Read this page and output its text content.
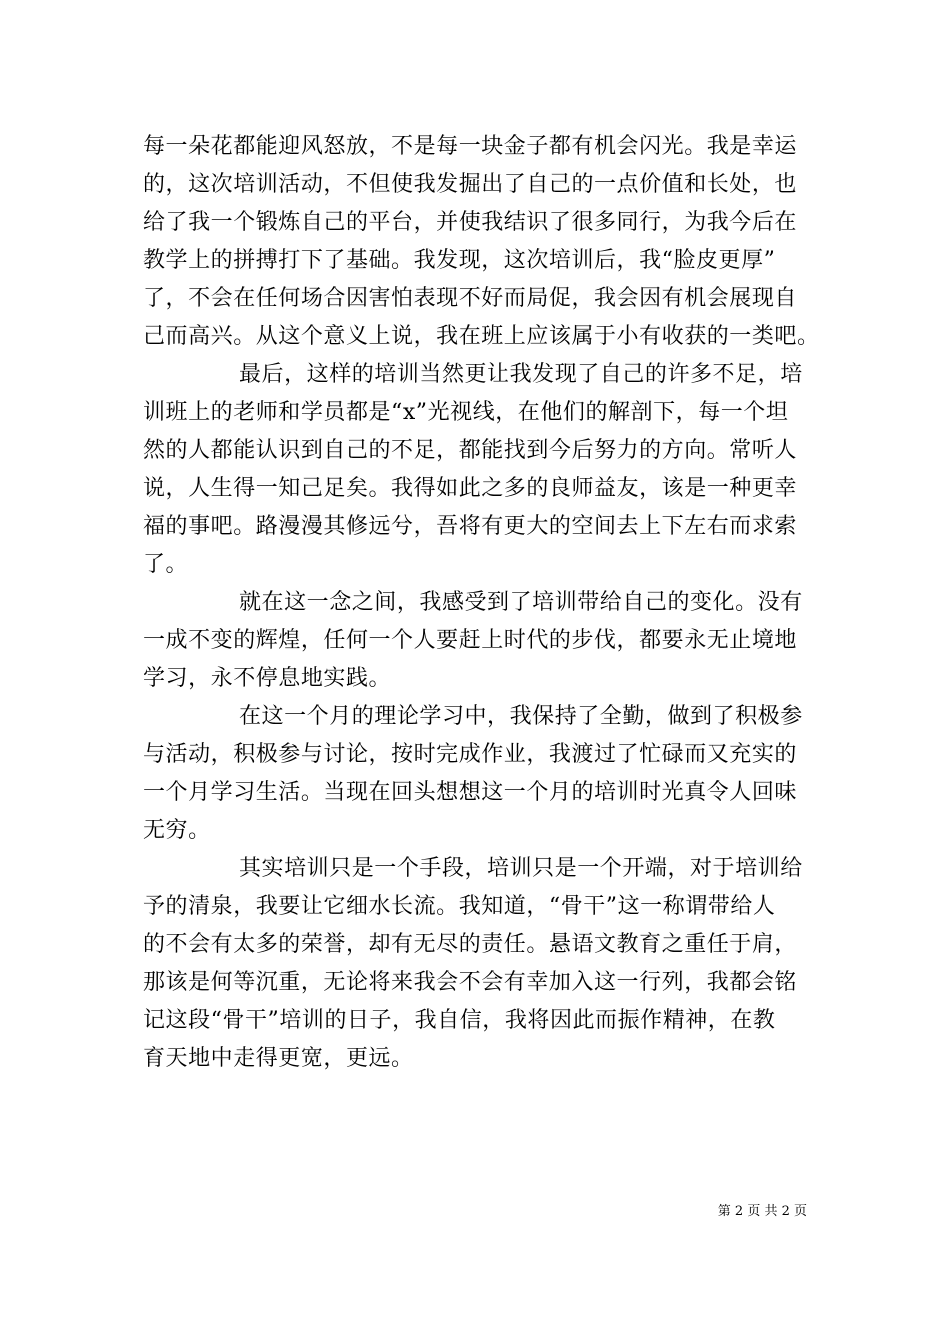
每一朵花都能迎风怒放，不是每一块金子都有机会闪光。我是幸运
的，这次培训活动，不但使我发掘出了自己的一点价值和长处，也
给了我一个锻炼自己的平台，并使我结识了很多同行，为我今后在
教学上的拼搏打下了基础。我发现，这次培训后，我“脸皮更厚”
了，不会在任何场合因害怕表现不好而局促，我会因有机会展现自
己而高兴。从这个意义上说，我在班上应该属于小有收获的一类吧。
最后，这样的培训当然更让我发现了自己的许多不足，培
训班上的老师和学员都是“x”光视线，在他们的解剖下，每一个坦
然的人都能认识到自己的不足，都能找到今后努力的方向。常听人
说，人生得一知己足矣。我得如此之多的良师益友，该是一种更幸
福的事吧。路漫漫其修远兮，吾将有更大的空间去上下左右而求索
了。
就在这一念之间，我感受到了培训带给自己的变化。没有
一成不变的辉煌，任何一个人要赶上时代的步伐，都要永无止境地
学习，永不停息地实践。
在这一个月的理论学习中，我保持了全勤，做到了积极参
与活动，积极参与讨论，按时完成作业，我渡过了忙碌而又充实的
一个月学习生活。当现在回头想想这一个月的培训时光真令人回味
无穷。
其实培训只是一个手段，培训只是一个开端，对于培训给
予的清泉，我要让它细水长流。我知道，“骨干”这一称谓带给人
的不会有太多的荣誉，却有无尽的责任。悬语文教育之重任于肩，
那该是何等沉重，无论将来我会不会有幸加入这一行列，我都会铭
记这段“骨干”培训的日子，我自信，我将因此而振作精神，在教
育天地中走得更宽，更远。
第 2 页 共 2 页
